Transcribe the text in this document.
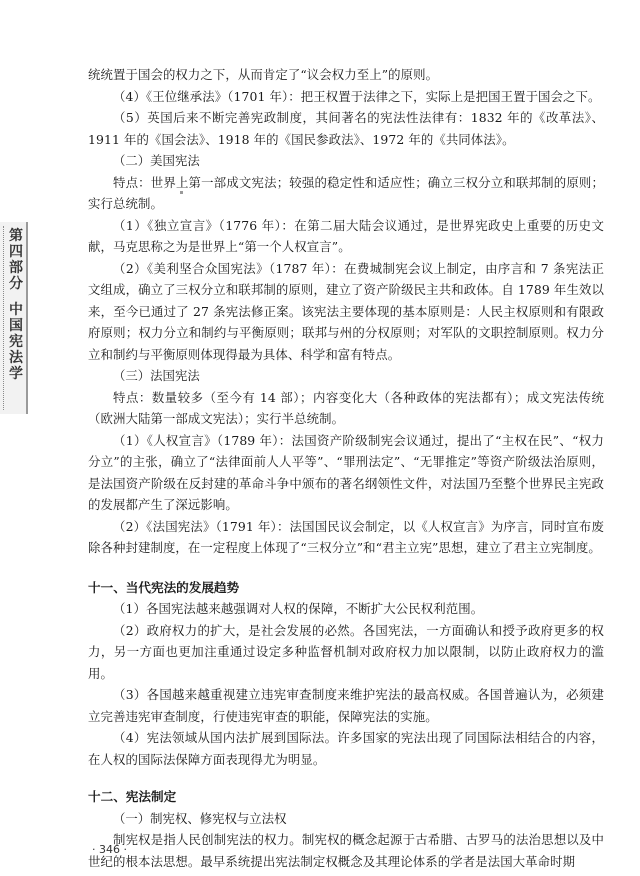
第四部分
中国宪法学

统统置于国会的权力之下，从而肯定了“议会权力至上”的原则。

（4）《王位继承法》（1701 年）：把王权置于法律之下，实际上是把国王置于国会之下。

（5）英国后来不断完善宪政制度，其间著名的宪法性法律有：1832 年的《改革法》、1911 年的《国会法》、1918 年的《国民参政法》、1972 年的《共同体法》。

（二）美国宪法

特点：世界上第一部成文宪法；较强的稳定性和适应性；确立三权分立和联邦制的原则；实行总统制。

（1）《独立宣言》（1776 年）：在第二届大陆会议通过，是世界宪政史上重要的历史文献，马克思称之为是世界上“第一个人权宣言”。

（2）《美利坚合众国宪法》（1787 年）：在费城制宪会议上制定，由序言和 7 条宪法正文组成，确立了三权分立和联邦制的原则，建立了资产阶级民主共和政体。自 1789 年生效以来，至今已通过了 27 条宪法修正案。该宪法主要体现的基本原则是：人民主权原则和有限政府原则；权力分立和制约与平衡原则；联邦与州的分权原则；对军队的文职控制原则。权力分立和制约与平衡原则体现得最为具体、科学和富有特点。

（三）法国宪法

特点：数量较多（至今有 14 部）；内容变化大（各种政体的宪法都有）；成文宪法传统（欧洲大陆第一部成文宪法）；实行半总统制。

（1）《人权宣言》（1789 年）：法国资产阶级制宪会议通过，提出了“主权在民”、“权力分立”的主张，确立了“法律面前人人平等”、“罪刑法定”、“无罪推定”等资产阶级法治原则，是法国资产阶级在反封建的革命斗争中颁布的著名纲领性文件，对法国乃至整个世界民主宪政的发展都产生了深远影响。

（2）《法国宪法》（1791 年）：法国国民议会制定，以《人权宣言》为序言，同时宣布废除各种封建制度，在一定程度上体现了“三权分立”和“君主立宪”思想，建立了君主立宪制度。

十一、当代宪法的发展趋势

（1）各国宪法越来越强调对人权的保障，不断扩大公民权利范围。

（2）政府权力的扩大，是社会发展的必然。各国宪法，一方面确认和授予政府更多的权力，另一方面也更加注重通过设定多种监督机制对政府权力加以限制，以防止政府权力的滥用。

（3）各国越来越重视建立违宪审查制度来维护宪法的最高权威。各国普遍认为，必须建立完善违宪审查制度，行使违宪审查的职能，保障宪法的实施。

（4）宪法领域从国内法扩展到国际法。许多国家的宪法出现了同国际法相结合的内容，在人权的国际法保障方面表现得尤为明显。

十二、宪法制定

（一）制宪权、修宪权与立法权

制宪权是指人民创制宪法的权力。制宪权的概念起源于古希腊、古罗马的法治思想以及中世纪的根本法思想。最早系统提出宪法制定权概念及其理论体系的学者是法国大革命时期

· 346 ·
